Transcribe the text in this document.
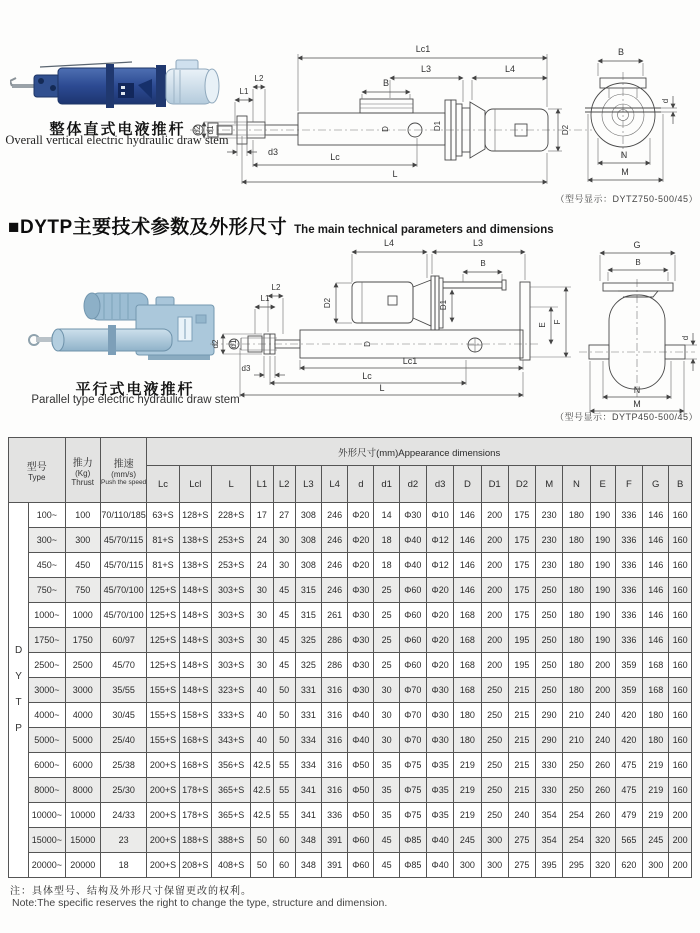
整体直式电液推杆
Overall vertical electric hydraulic draw stem
Lc1
L3	L4
B
L2
L1
d2 d1
d3	Lc
L
D	D1	D2
B
d
N
M
（型号显示：DYTZ750-500/45）
■DYTP主要技术参数及外形尺寸 The main technical parameters and dimensions
平行式电液推杆
Parallel type electric hydraulic draw stem
L4	L3
B
L2
L1
d2 d1
d3
D2	D1
D
E
F
Lc1
Lc
L
G
B
d
N
M
（型号显示：DYTP450-500/45）
型号
Type

推力
(Kg)
Thrust

推速
(mm/s)
Push the speed
	外形尺寸(mm)Appearance dimensions
				Lc	Lcl	L	L1	L2	L3	L4	d	d1	d2	d3	D	D1	D2	M	N	E	F	G	B

D
Y
T
P	100~	100	70/110/185	63+S	128+S	228+S	17	27	308	246	Φ20	14	Φ30	Φ10	146	200	175	230	180	190	336	146	160
	300~	300	45/70/115	81+S	138+S	253+S	24	30	308	246	Φ20	18	Φ40	Φ12	146	200	175	230	180	190	336	146	160
	450~	450	45/70/115	81+S	138+S	253+S	24	30	308	246	Φ20	18	Φ40	Φ12	146	200	175	230	180	190	336	146	160
	750~	750	45/70/100	125+S	148+S	303+S	30	45	315	246	Φ30	25	Φ60	Φ20	146	200	175	250	180	190	336	146	160
	1000~	1000	45/70/100	125+S	148+S	303+S	30	45	315	261	Φ30	25	Φ60	Φ20	168	200	175	250	180	190	336	146	160
	1750~	1750	60/97	125+S	148+S	303+S	30	45	325	286	Φ30	25	Φ60	Φ20	168	200	195	250	180	190	336	146	160
	2500~	2500	45/70	125+S	148+S	303+S	30	45	325	286	Φ30	25	Φ60	Φ20	168	200	195	250	180	200	359	168	160
	3000~	3000	35/55	155+S	148+S	323+S	40	50	331	316	Φ30	30	Φ70	Φ30	168	250	215	250	180	200	359	168	160
	4000~	4000	30/45	155+S	158+S	333+S	40	50	331	316	Φ40	30	Φ70	Φ30	180	250	215	290	210	240	420	180	160
	5000~	5000	25/40	155+S	168+S	343+S	40	50	334	316	Φ40	30	Φ70	Φ30	180	250	215	290	210	240	420	180	160
	6000~	6000	25/38	200+S	168+S	356+S	42.5	55	334	316	Φ50	35	Φ75	Φ35	219	250	215	330	250	260	475	219	160
	8000~	8000	25/30	200+S	178+S	365+S	42.5	55	341	316	Φ50	35	Φ75	Φ35	219	250	215	330	250	260	475	219	160
	10000~	10000	24/33	200+S	178+S	365+S	42.5	55	341	336	Φ50	35	Φ75	Φ35	219	250	240	354	254	260	479	219	200
	15000~	15000	23	200+S	188+S	388+S	50	60	348	391	Φ60	45	Φ85	Φ40	245	300	275	354	254	320	565	245	200
	20000~	20000	18	200+S	208+S	408+S	50	60	348	391	Φ60	45	Φ85	Φ40	300	300	275	395	295	320	620	300	200
注：具体型号、结构及外形尺寸保留更改的权利。
Note:The specific reserves the right to change the type, structure and dimension.
